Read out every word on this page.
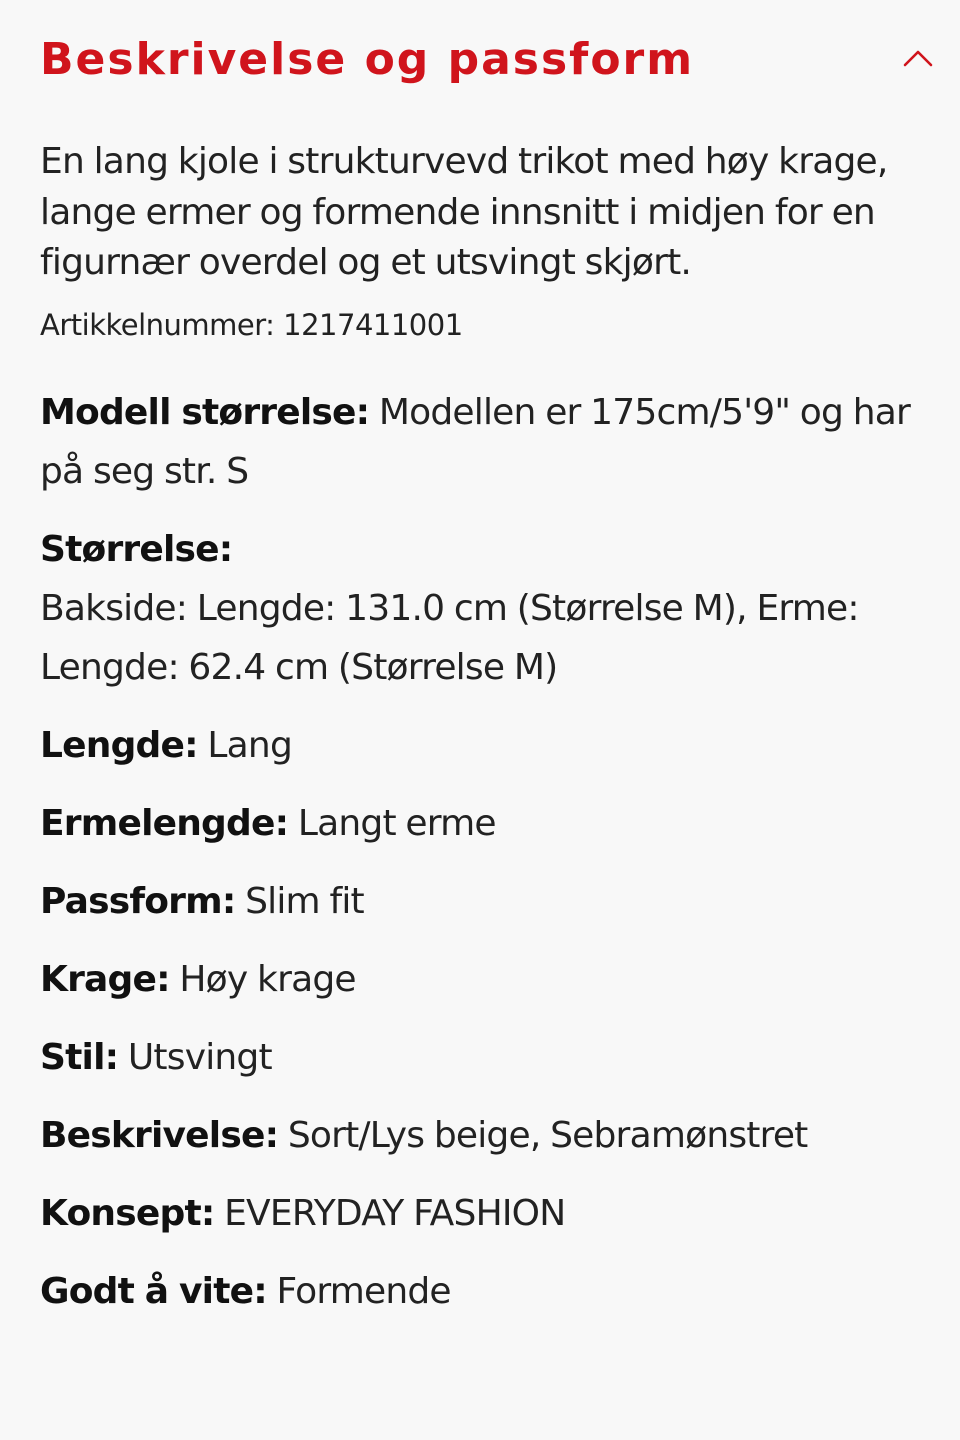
Beskrivelse og passform

En lang kjole i strukturvevd trikot med høy krage, lange ermer og formende innsnitt i midjen for en figurnær overdel og et utsvingt skjørt.

Artikkelnummer: 1217411001

Modell størrelse: Modellen er 175cm/5'9" og har på seg str. S
Størrelse:
Bakside: Lengde: 131.0 cm (Størrelse M), Erme: Lengde: 62.4 cm (Størrelse M)
Lengde: Lang
Ermelengde: Langt erme
Passform: Slim fit
Krage: Høy krage
Stil: Utsvingt
Beskrivelse: Sort/Lys beige, Sebramønstret
Konsept: EVERYDAY FASHION
Godt å vite: Formende
